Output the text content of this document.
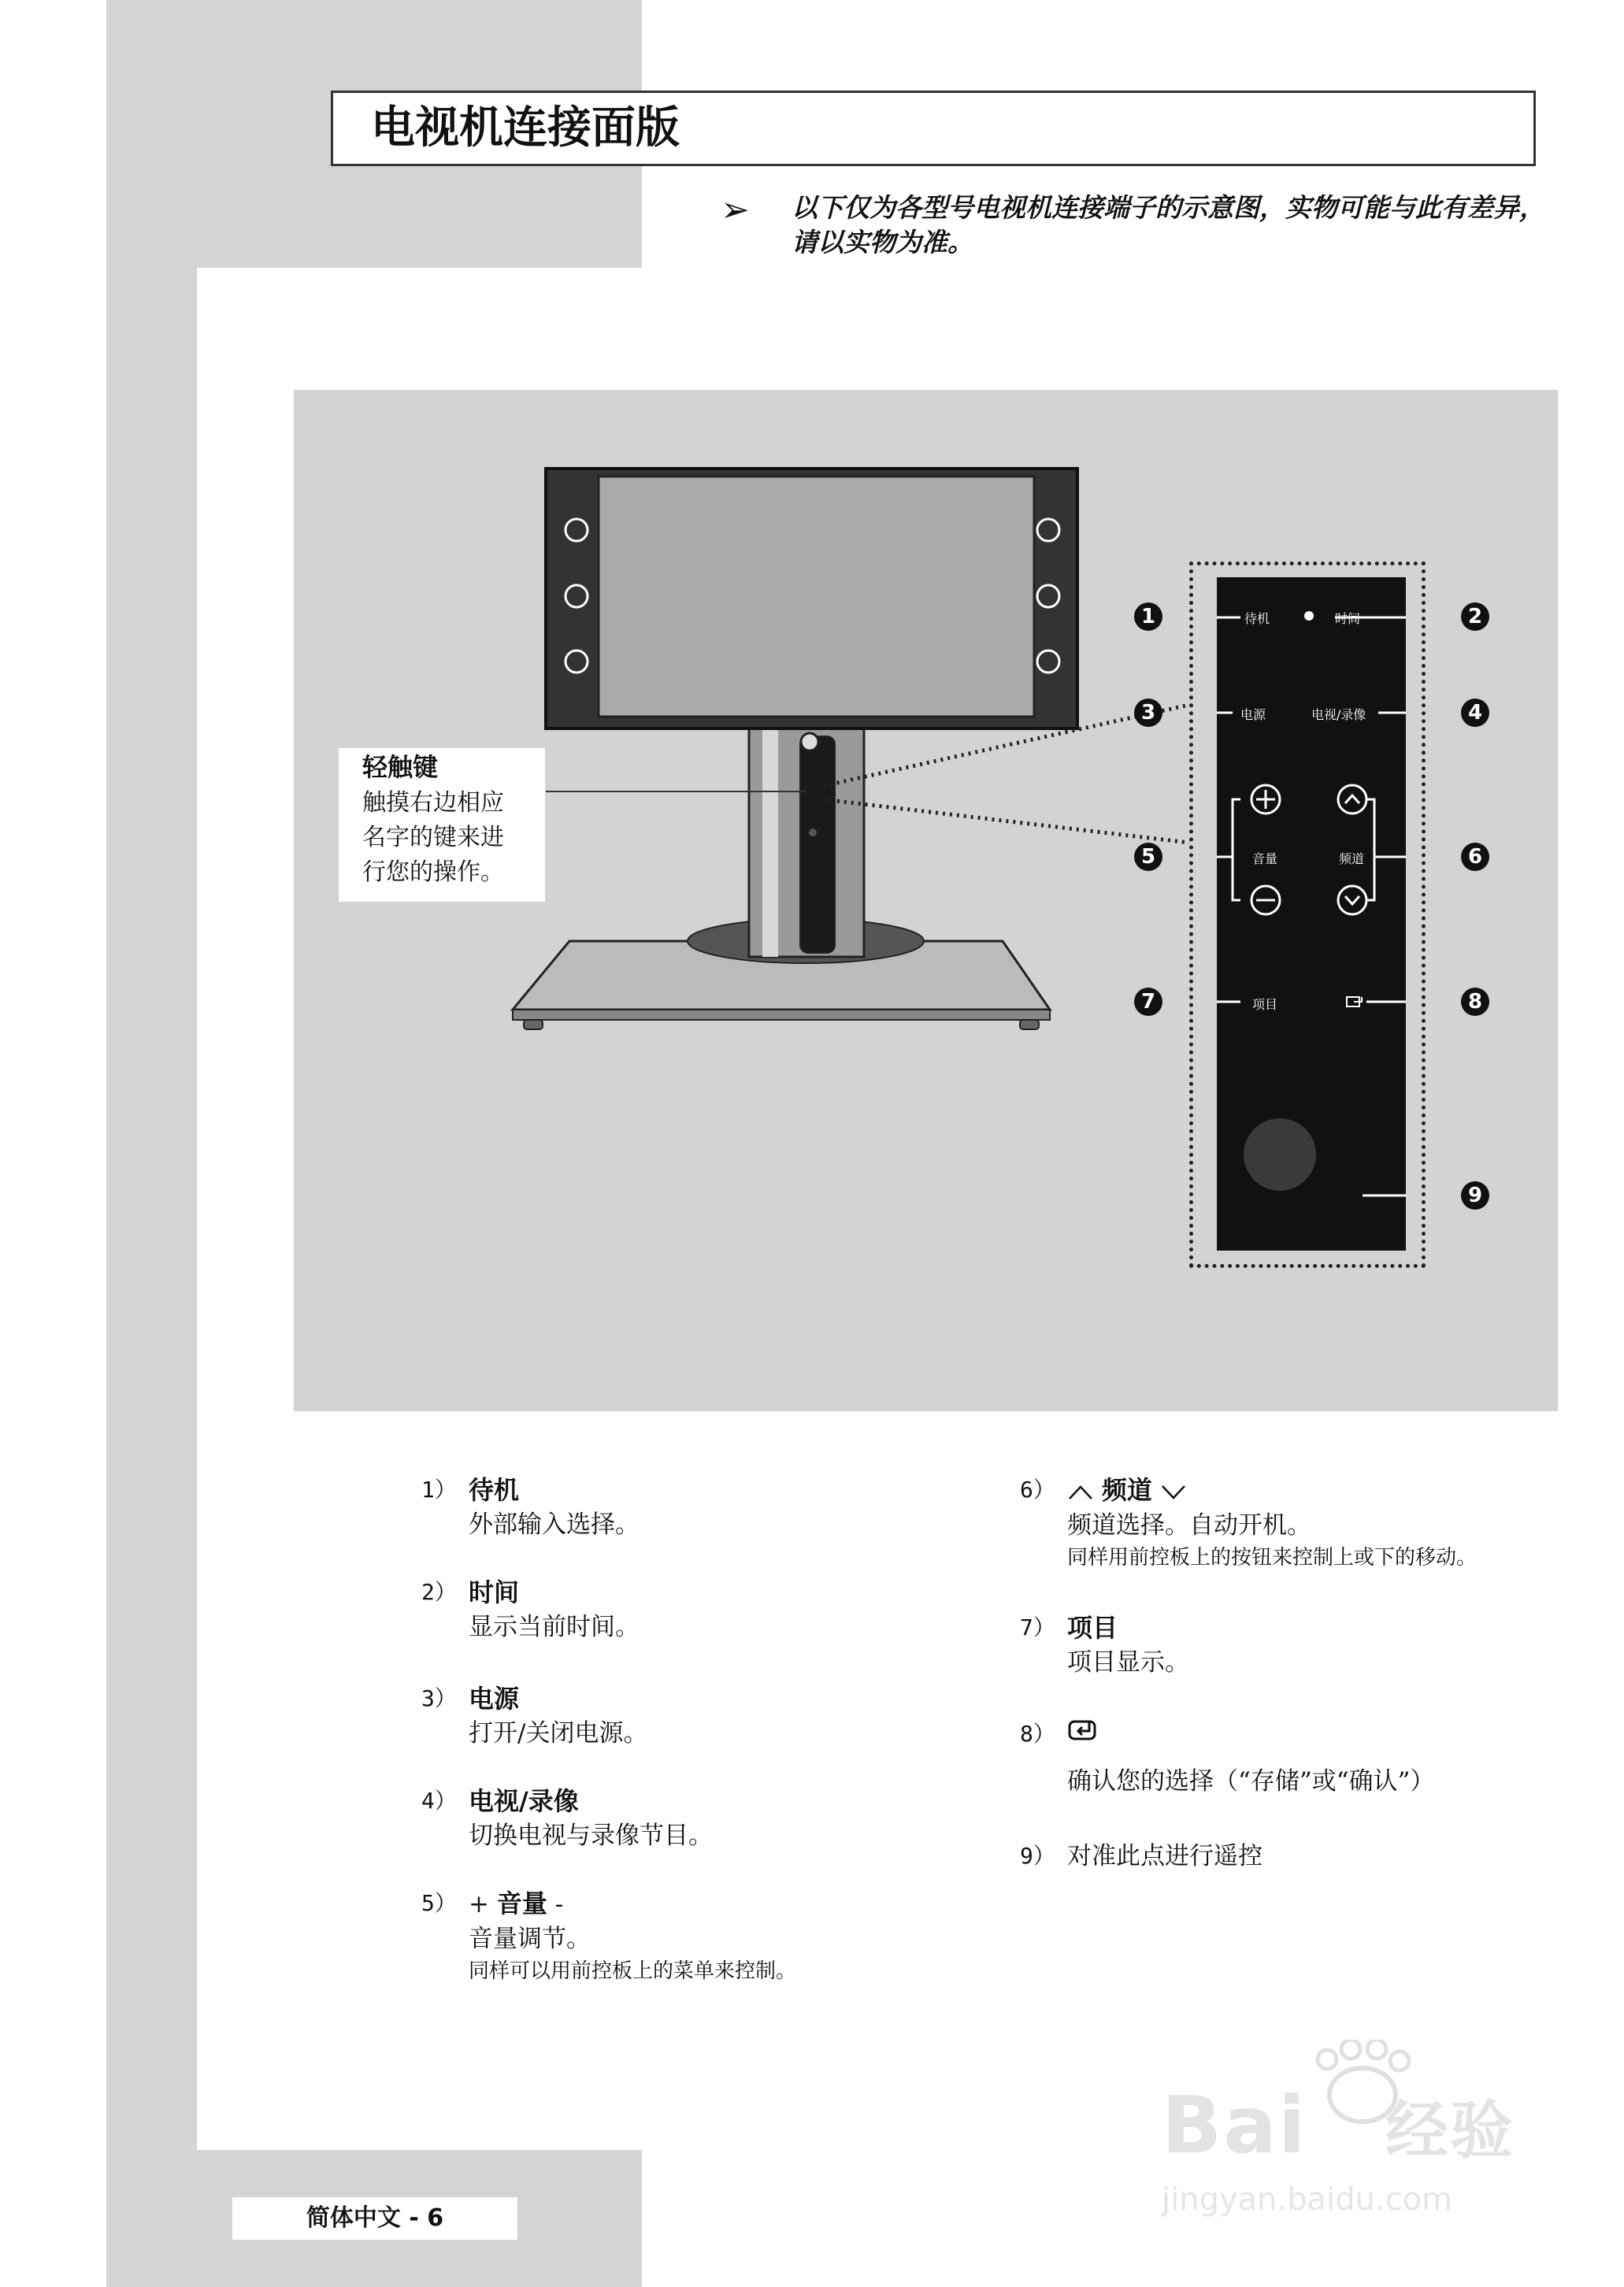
电视机连接面版
➢ 以下仅为各型号电视机连接端子的示意图，实物可能与此有差异，请以实物为准。
轻触键
触摸右边相应
名字的键来进
行您的操作。
待机	时间
电源	电视/录像
音量	频道
项目
1	2
3	4
5	6
7	8
9
1） 待机
外部输入选择。
2） 时间
显示当前时间。
3） 电源
打开/关闭电源。
4） 电视/录像
切换电视与录像节目。
5） + 音量 -
音量调节。
同样可以用前控板上的菜单来控制。
6）	频道
频道选择。自动开机。
同样用前控板上的按钮来控制上或下的移动。
7） 项目
项目显示。
8）
确认您的选择（“存储”或“确认”）
9） 对准此点进行遥控
简体中文 - 6
Bai 经验
jingyan.baidu.com
